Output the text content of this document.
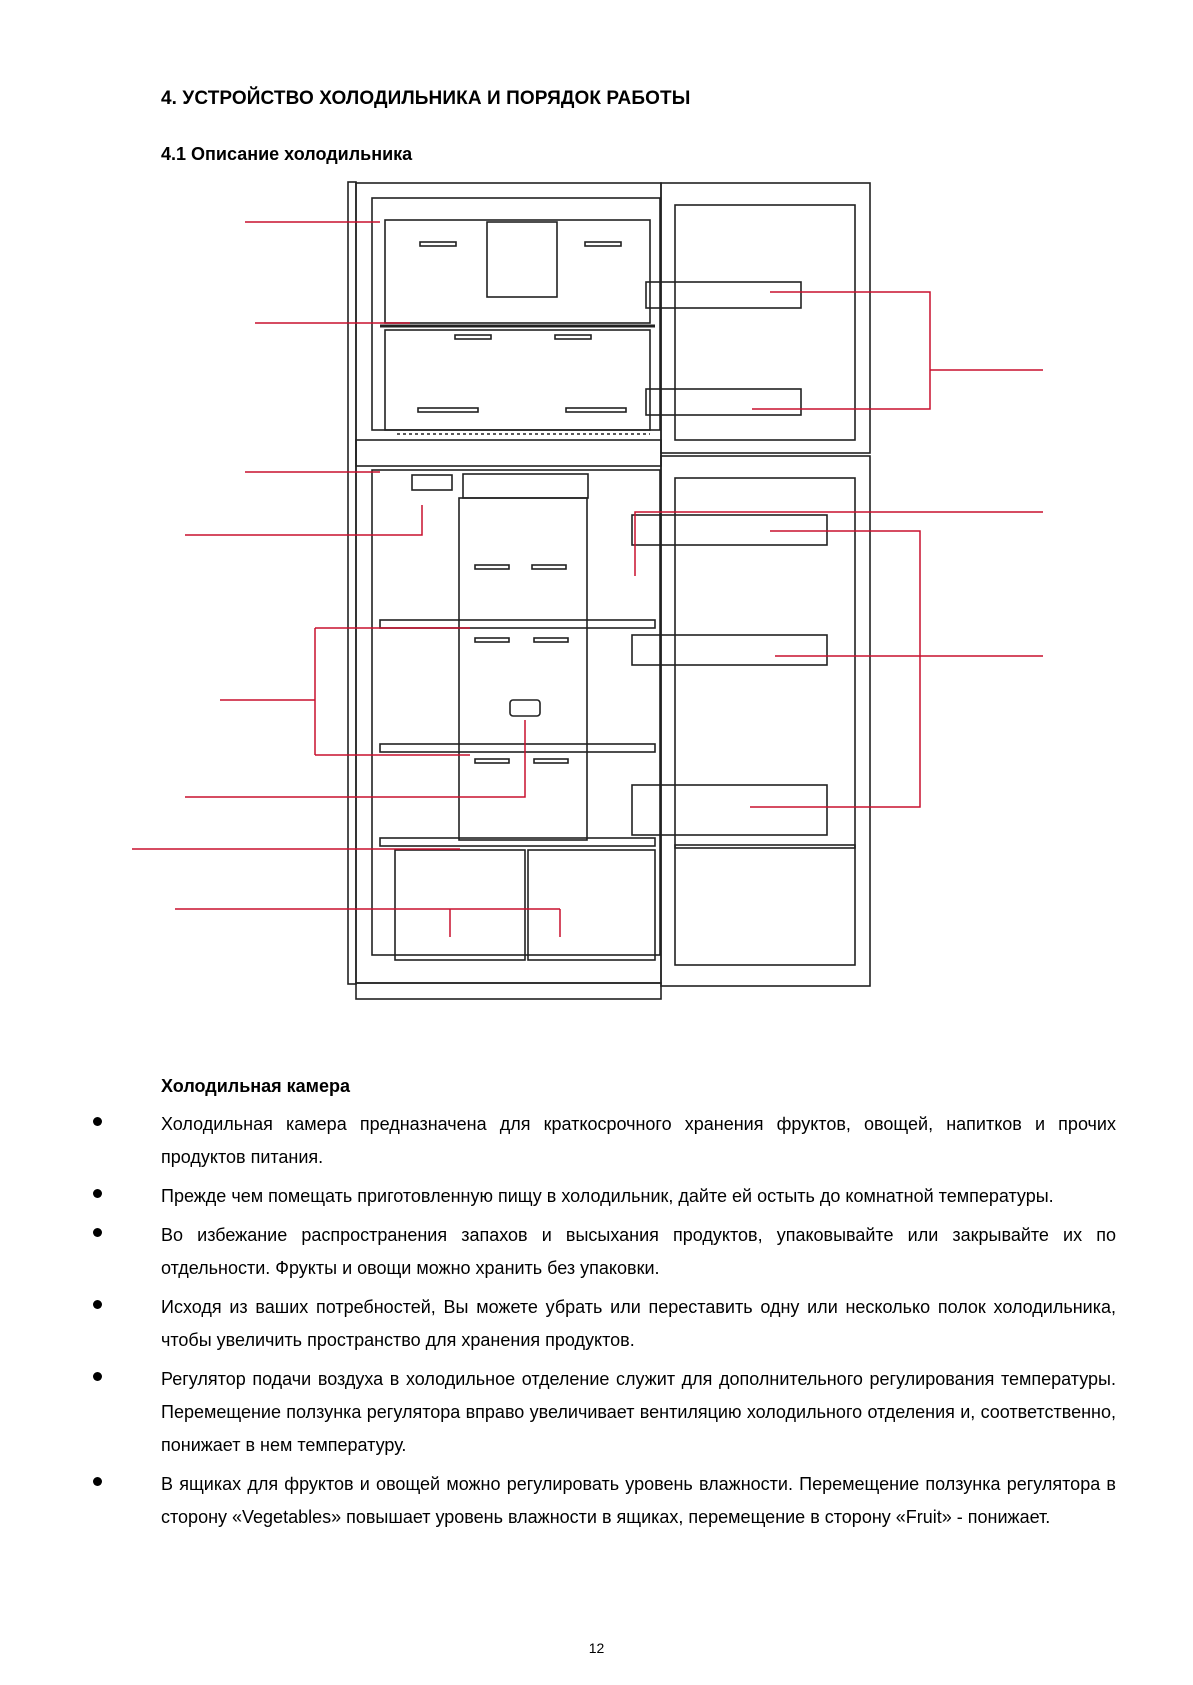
4. УСТРОЙСТВО ХОЛОДИЛЬНИКА И ПОРЯДОК РАБОТЫ
4.1 Описание холодильника
Холодильная камера
Холодильная камера предназначена для краткосрочного хранения фруктов, овощей, напитков и прочих продуктов питания.
Прежде чем помещать приготовленную пищу в холодильник, дайте ей остыть до комнатной температуры.
Во избежание распространения запахов и высыхания продуктов, упаковывайте или закрывайте их по отдельности. Фрукты и овощи можно хранить без упаковки.
Исходя из ваших потребностей, Вы можете убрать или переставить одну или несколько полок холодильника, чтобы увеличить пространство для хранения продуктов.
Регулятор подачи воздуха в холодильное отделение служит для дополнительного регулирования температуры. Перемещение ползунка регулятора вправо увеличивает вентиляцию холодильного отделения и, соответственно, понижает в нем температуру.
В ящиках для фруктов и овощей можно регулировать уровень влажности. Перемещение ползунка регулятора в сторону «Vegetables» повышает уровень влажности в ящиках, перемещение в сторону «Fruit» - понижает.
12
